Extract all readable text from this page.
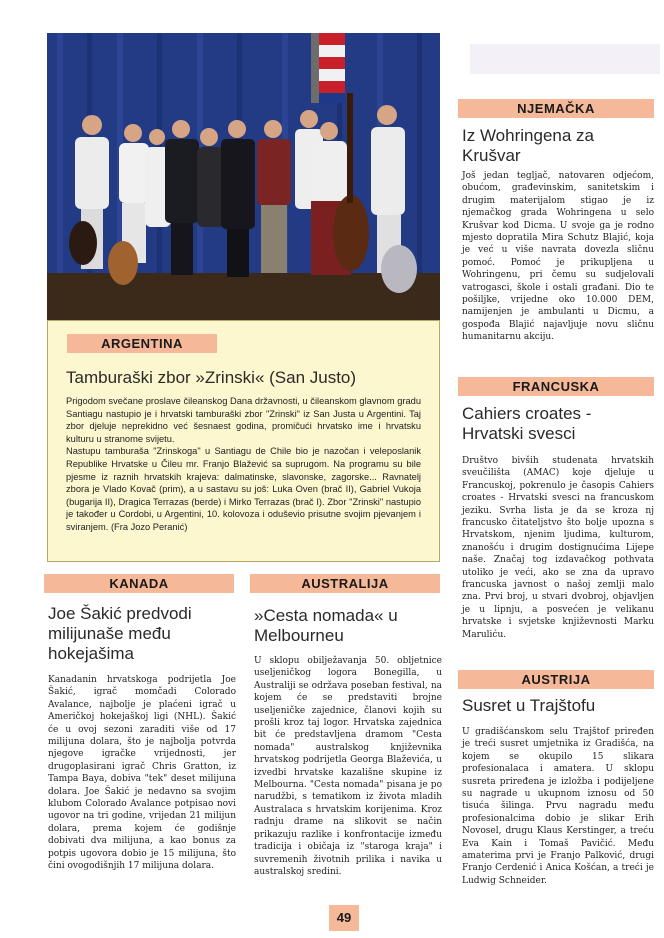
ARGENTINA
Tamburaški zbor »Zrinski« (San Justo)
Prigodom svečane proslave čileanskog Dana državnosti, u čileanskom glavnom gradu Santiagu nastupio je i hrvatski tamburaški zbor "Zrinski" iz San Justa u Argentini. Taj zbor djeluje neprekidno već šesnaest godina, promičući hrvatsko ime i hrvatsku kulturu u stranome svijetu.
Nastupu tamburaša "Zrinskoga" u Santiagu de Chile bio je nazočan i veleposlanik Republike Hrvatske u Čileu mr. Franjo Blažević sa suprugom. Na programu su bile pjesme iz raznih hrvatskih krajeva: dalmatinske, slavonske, zagorske... Ravnatelj zbora je Vlado Kovač (prim), a u sastavu su još: Luka Oven (brač II), Gabriel Vukoja (bugarija II), Dragica Terrazas (berde) i Mirko Terrazas (brač I). Zbor "Zrinski" nastupio je također u Cordobi, u Argentini, 10. kolovoza i oduševio prisutne svojim pjevanjem i sviranjem. (Fra Jozo Peranić)
NJEMAČKA
Iz Wohringena za Krušvar
Još jedan tegljač, natovaren odjećom, obućom, građevinskim, sanitetskim i drugim materijalom stigao je iz njemačkog grada Wohringena u selo Krušvar kod Dicma. U svoje ga je rodno mjesto dopratila Mira Schutz Blajić, koja je već u više navrata dovezla sličnu pomoć. Pomoć je prikupljena u Wohringenu, pri čemu su sudjelovali vatrogasci, škole i ostali građani. Dio te pošiljke, vrijedne oko 10.000 DEM, namijenjen je ambulanti u Dicmu, a gospođa Blajić najavljuje novu sličnu humanitarnu akciju.
FRANCUSKA
Cahiers croates - Hrvatski svesci
Društvo bivših studenata hrvatskih sveučilišta (AMAC) koje djeluje u Francuskoj, pokrenulo je časopis Cahiers croates - Hrvatski svesci na francuskom jeziku. Svrha lista je da se kroza nj francusko čitateljstvo što bolje upozna s Hrvatskom, njenim ljudima, kulturom, znanošću i drugim dostignućima Lijepe naše. Značaj tog izdavačkog pothvata utoliko je veći, ako se zna da upravo francuska javnost o našoj zemlji malo zna. Prvi broj, u stvari dvobroj, objavljen je u lipnju, a posvećen je velikanu hrvatske i svjetske književnosti Marku Maruliću.
KANADA
Joe Šakić predvodi milijunaše među hokejašima
Kanadanin hrvatskoga podrijetla Joe Šakić, igrač momčadi Colorado Avalance, najbolje je plaćeni igrač u Američkoj hokejaškoj ligi (NHL). Šakić će u ovoj sezoni zaraditi više od 17 milijuna dolara, što je najbolja potvrda njegove igračke vrijednosti, jer drugoplasirani igrač Chris Gratton, iz Tampa Baya, dobiva "tek" deset milijuna dolara. Joe Šakić je nedavno sa svojim klubom Colorado Avalance potpisao novi ugovor na tri godine, vrijedan 21 milijun dolara, prema kojem će godišnje dobivati dva milijuna, a kao bonus za potpis ugovora dobio je 15 milijuna, što čini ovogodišnjih 17 milijuna dolara.
AUSTRALIJA
»Cesta nomada« u Melbourneu
U sklopu obilježavanja 50. obljetnice useljeničkog logora Bonegilla, u Australiji se održava poseban festival, na kojem će se predstaviti brojne useljeničke zajednice, članovi kojih su prošli kroz taj logor. Hrvatska zajednica bit će predstavljena dramom "Cesta nomada" australskog književnika hrvatskog podrijetla Georga Blaževića, u izvedbi hrvatske kazališne skupine iz Melbourna. "Cesta nomada" pisana je po narudžbi, s tematikom iz života mladih Australaca s hrvatskim korijenima. Kroz radnju drame na slikovit se način prikazuju razlike i konfrontacije između tradicija i običaja iz "staroga kraja" i suvremenih životnih prilika i navika u australskoj sredini.
AUSTRIJA
Susret u Trajštofu
U gradišćanskom selu Trajštof priređen je treći susret umjetnika iz Gradišća, na kojem se okupilo 15 slikara profesionalaca i amatera. U sklopu susreta priređena je izložba i podijeljene su nagrade u ukupnom iznosu od 50 tisuća šilinga. Prvu nagradu među profesionalcima dobio je slikar Erih Novosel, drugu Klaus Kerstinger, a treću Eva Kain i Tomaš Pavičić. Među amaterima prvi je Franjo Palković, drugi Franjo Cerdenić i Anica Košćan, a treći je Ludwig Schneider.
49
